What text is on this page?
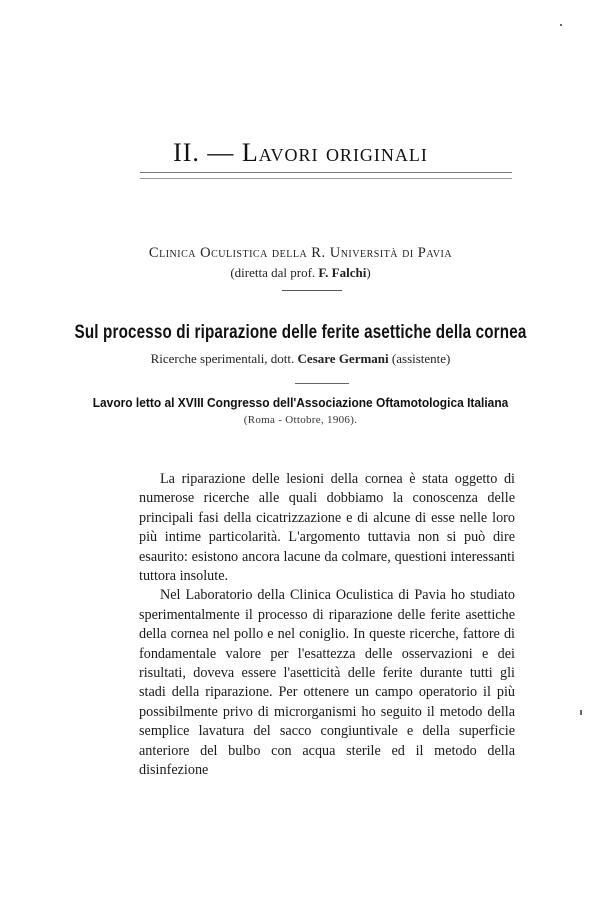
II. — Lavori originali
Clinica Oculistica della R. Università di Pavia
(diretta dal prof. F. Falchi)
Sul processo di riparazione delle ferite asettiche della cornea
Ricerche sperimentali, dott. Cesare Germani (assistente)
Lavoro letto al XVIII Congresso dell'Associazione Oftamotologica Italiana
(Roma - Ottobre, 1906).

La riparazione delle lesioni della cornea è stata oggetto di numerose ricerche alle quali dobbiamo la conoscenza delle principali fasi della cicatrizzazione e di alcune di esse nelle loro più intime particolarità. L'argomento tuttavia non si può dire esaurito: esistono ancora lacune da colmare, questioni interessanti tuttora insolute.

Nel Laboratorio della Clinica Oculistica di Pavia ho studiato sperimentalmente il processo di riparazione delle ferite asettiche della cornea nel pollo e nel coniglio. In queste ricerche, fattore di fondamentale valore per l'esattezza delle osservazioni e dei risultati, doveva essere l'asetticità delle ferite durante tutti gli stadi della riparazione. Per ottenere un campo operatorio il più possibilmente privo di microrganismi ho seguito il metodo della semplice lavatura del sacco congiuntivale e della superficie anteriore del bulbo con acqua sterile ed il metodo della disinfezione
